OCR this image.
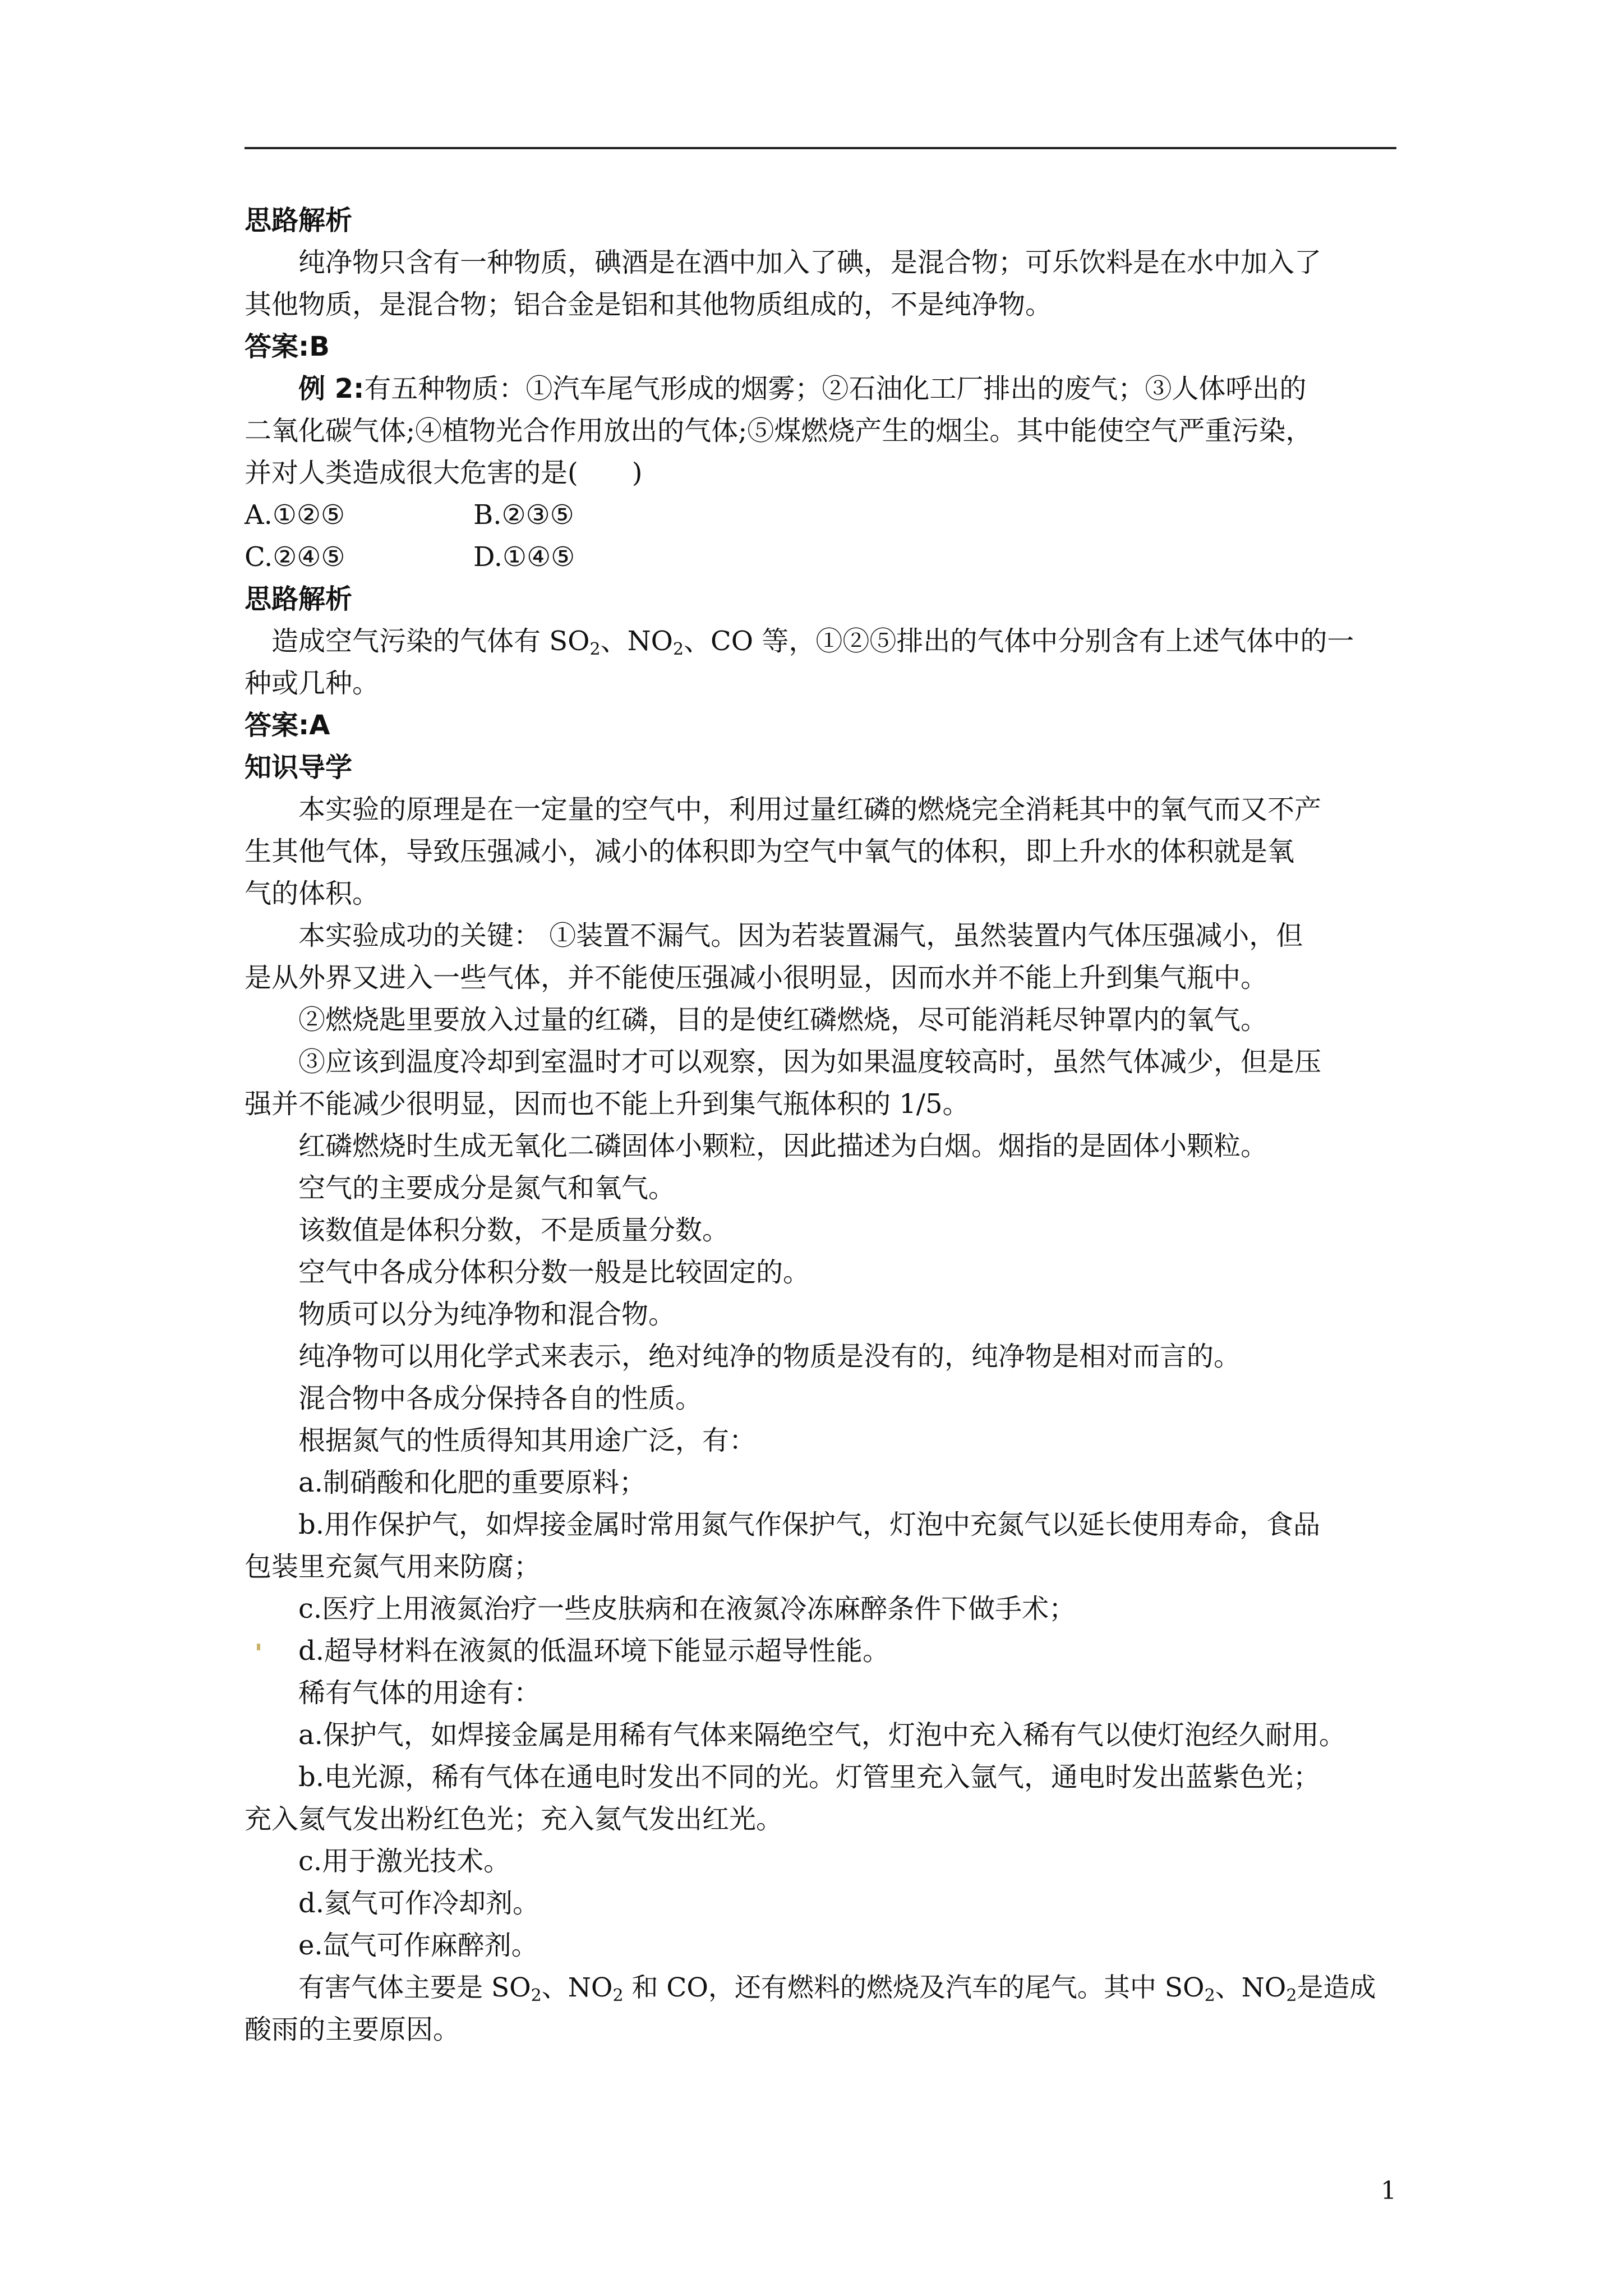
思路解析

纯净物只含有一种物质，碘酒是在酒中加入了碘，是混合物；可乐饮料是在水中加入了

其他物质，是混合物；铝合金是铝和其他物质组成的，不是纯净物。

答案:B

例 2:有五种物质：①汽车尾气形成的烟雾；②石油化工厂排出的废气；③人体呼出的

二氧化碳气体;④植物光合作用放出的气体;⑤煤燃烧产生的烟尘。其中能使空气严重污染，

并对人类造成很大危害的是(　　)

A.①②⑤	B.②③⑤

C.②④⑤	D.①④⑤

思路解析

造成空气污染的气体有 $SO_2$、$NO_2$、CO 等，①②⑤排出的气体中分别含有上述气体中的一

种或几种。

答案:A

知识导学

本实验的原理是在一定量的空气中，利用过量红磷的燃烧完全消耗其中的氧气而又不产

生其他气体，导致压强减小，减小的体积即为空气中氧气的体积，即上升水的体积就是氧

气的体积。

本实验成功的关键： ①装置不漏气。因为若装置漏气，虽然装置内气体压强减小，但

是从外界又进入一些气体，并不能使压强减小很明显，因而水并不能上升到集气瓶中。

②燃烧匙里要放入过量的红磷，目的是使红磷燃烧，尽可能消耗尽钟罩内的氧气。

③应该到温度冷却到室温时才可以观察，因为如果温度较高时，虽然气体减少，但是压

强并不能减少很明显，因而也不能上升到集气瓶体积的 1/5。

红磷燃烧时生成无氧化二磷固体小颗粒，因此描述为白烟。烟指的是固体小颗粒。

空气的主要成分是氮气和氧气。

该数值是体积分数，不是质量分数。

空气中各成分体积分数一般是比较固定的。

物质可以分为纯净物和混合物。

纯净物可以用化学式来表示，绝对纯净的物质是没有的，纯净物是相对而言的。

混合物中各成分保持各自的性质。

根据氮气的性质得知其用途广泛，有：

a.制硝酸和化肥的重要原料；

b.用作保护气，如焊接金属时常用氮气作保护气，灯泡中充氮气以延长使用寿命，食品

包装里充氮气用来防腐；

c.医疗上用液氮治疗一些皮肤病和在液氮冷冻麻醉条件下做手术；

d.超导材料在液氮的低温环境下能显示超导性能。

稀有气体的用途有：

a.保护气，如焊接金属是用稀有气体来隔绝空气，灯泡中充入稀有气以使灯泡经久耐用。

b.电光源，稀有气体在通电时发出不同的光。灯管里充入氩气，通电时发出蓝紫色光；

充入氦气发出粉红色光；充入氦气发出红光。

c.用于激光技术。

d.氦气可作冷却剂。

e.氙气可作麻醉剂。

有害气体主要是 $SO_2$、$NO_2$ 和 CO，还有燃料的燃烧及汽车的尾气。其中 $SO_2$、$NO_2$是造成

酸雨的主要原因。

1
